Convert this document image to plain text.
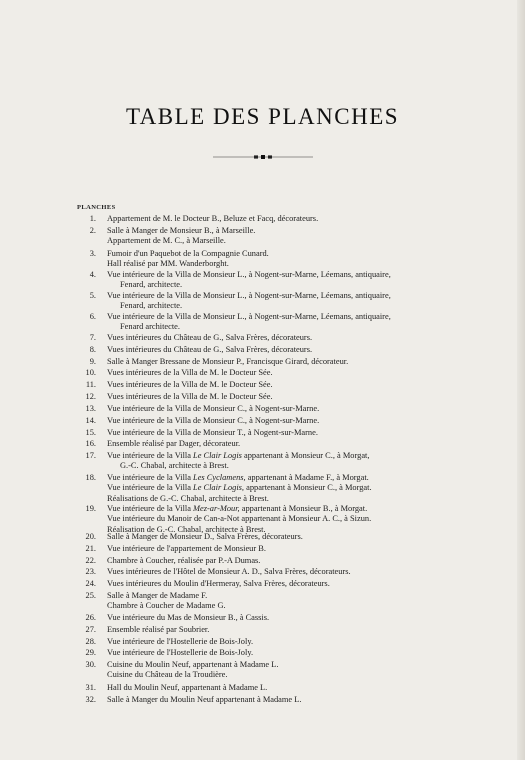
TABLE DES PLANCHES
PLANCHES
1. Appartement de M. le Docteur B., Beluze et Facq, décorateurs.
2. Salle à Manger de Monsieur B., à Marseille.
Appartement de M. C., à Marseille.
3. Fumoir d'un Paquebot de la Compagnie Cunard.
Hall réalisé par MM. Wanderborght.
4. Vue intérieure de la Villa de Monsieur L., à Nogent-sur-Marne, Léemans, antiquaire,
Fenard, architecte.
5. Vue intérieure de la Villa de Monsieur L., à Nogent-sur-Marne, Léemans, antiquaire,
Fenard, architecte.
6. Vue intérieure de la Villa de Monsieur L., à Nogent-sur-Marne, Léemans, antiquaire,
Fenard architecte.
7. Vues intérieures du Château de G., Salva Frères, décorateurs.
8. Vues intérieures du Château de G., Salva Frères, décorateurs.
9. Salle à Manger Bressane de Monsieur P., Francisque Girard, décorateur.
10. Vues intérieures de la Villa de M. le Docteur Sée.
11. Vues intérieures de la Villa de M. le Docteur Sée.
12. Vues intérieures de la Villa de M. le Docteur Sée.
13. Vue intérieure de la Villa de Monsieur C., à Nogent-sur-Marne.
14. Vue intérieure de la Villa de Monsieur C., à Nogent-sur-Marne.
15. Vue intérieure de la Villa de Monsieur T., à Nogent-sur-Marne.
16. Ensemble réalisé par Dager, décorateur.
17. Vue intérieure de la Villa Le Clair Logis appartenant à Monsieur C., à Morgat,
G.-C. Chabal, architecte à Brest.
18. Vue intérieure de la Villa Les Cyclamens, appartenant à Madame F., à Morgat.
Vue intérieure de la Villa Le Clair Logis, appartenant à Monsieur C., à Morgat.
Réalisations de G.-C. Chabal, architecte à Brest.
19. Vue intérieure de la Villa Mez-ar-Mour, appartenant à Monsieur B., à Morgat.
Vue intérieure du Manoir de Can-a-Not appartenant à Monsieur A. C., à Sizun.
Réalisation de G.-C. Chabal, architecte à Brest.
20. Salle à Manger de Monsieur D., Salva Frères, décorateurs.
21. Vue intérieure de l'appartement de Monsieur B.
22. Chambre à Coucher, réalisée par P.-A Dumas.
23. Vues intérieures de l'Hôtel de Monsieur A. D., Salva Frères, décorateurs.
24. Vues intérieures du Moulin d'Hermeray, Salva Frères, décorateurs.
25. Salle à Manger de Madame F.
Chambre à Coucher de Madame G.
26. Vue intérieure du Mas de Monsieur B., à Cassis.
27. Ensemble réalisé par Soubrier.
28. Vue intérieure de l'Hostellerie de Bois-Joly.
29. Vue intérieure de l'Hostellerie de Bois-Joly.
30. Cuisine du Moulin Neuf, appartenant à Madame L.
Cuisine du Château de la Troudière.
31. Hall du Moulin Neuf, appartenant à Madame L.
32. Salle à Manger du Moulin Neuf appartenant à Madame L.
